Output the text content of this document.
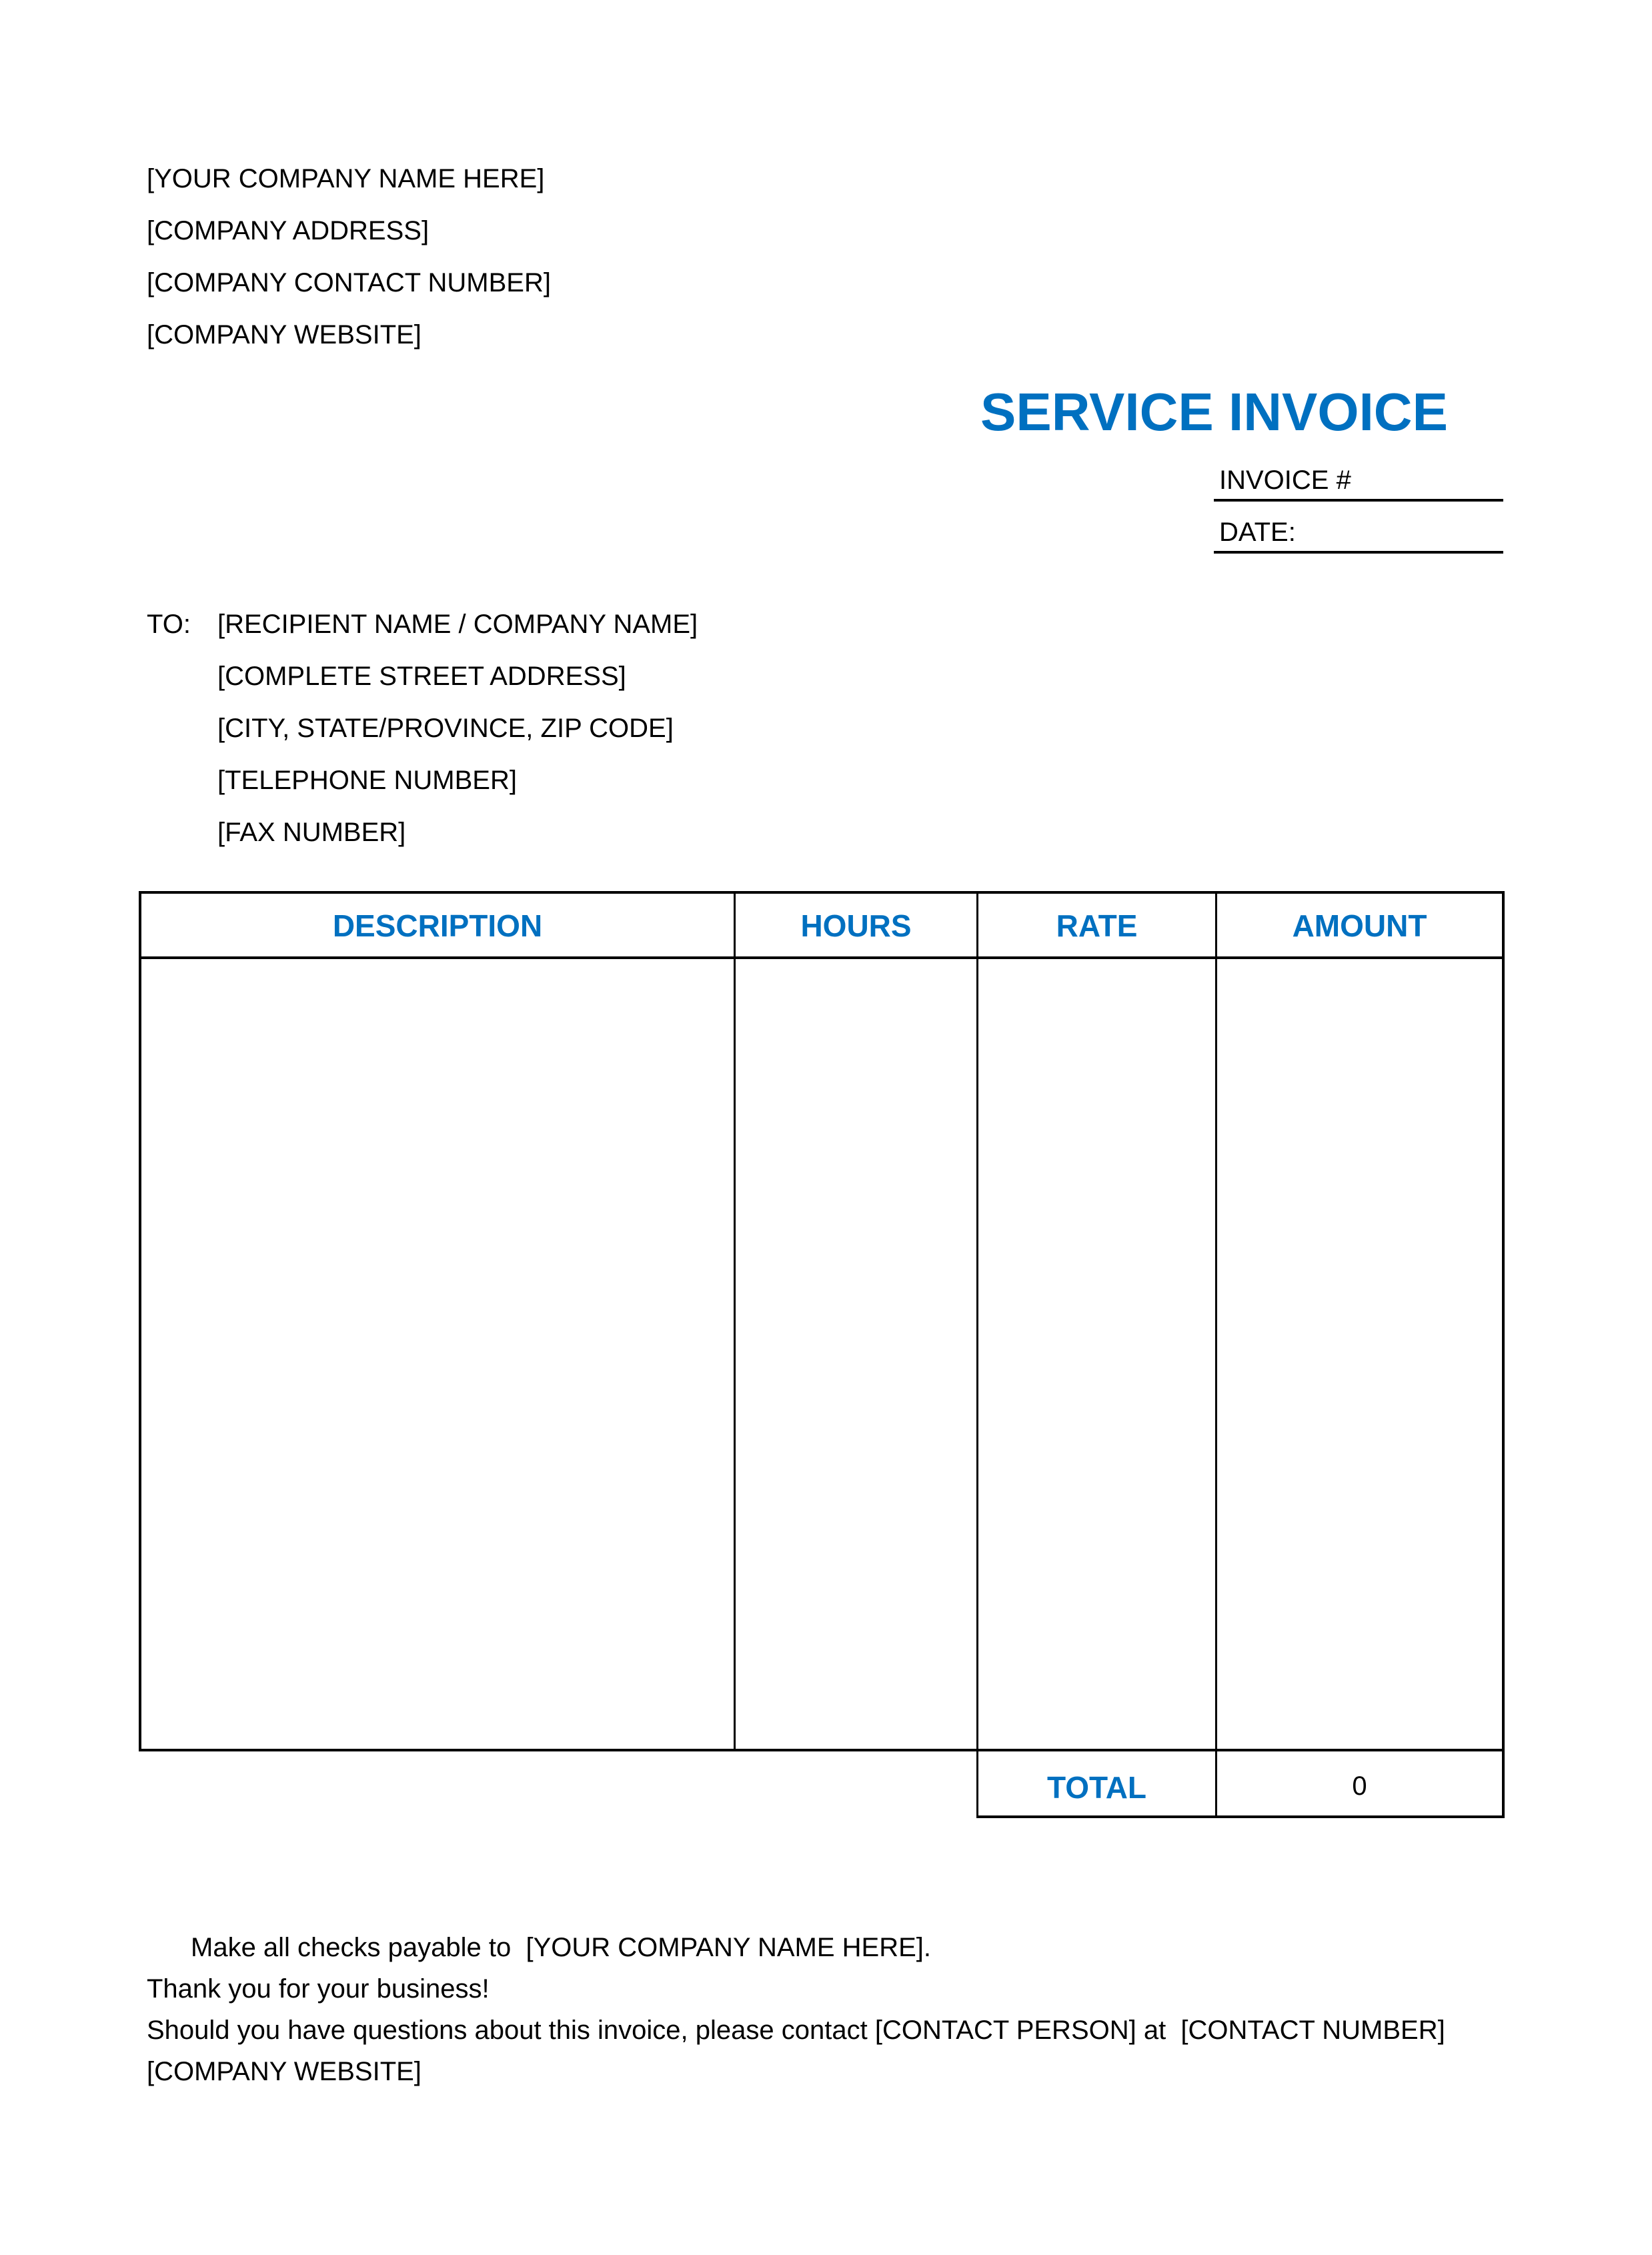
[YOUR COMPANY NAME HERE]
[COMPANY ADDRESS]
[COMPANY CONTACT NUMBER]
[COMPANY WEBSITE]
SERVICE INVOICE
INVOICE #
DATE:
TO: [RECIPIENT NAME / COMPANY NAME]
[COMPLETE STREET ADDRESS]
[CITY, STATE/PROVINCE, ZIP CODE]
[TELEPHONE NUMBER]
[FAX NUMBER]
DESCRIPTION	HOURS	RATE	AMOUNT
TOTAL	0
Make all checks payable to  [YOUR COMPANY NAME HERE].
Thank you for your business!
Should you have questions about this invoice, please contact [CONTACT PERSON] at  [CONTACT NUMBER]
[COMPANY WEBSITE]
